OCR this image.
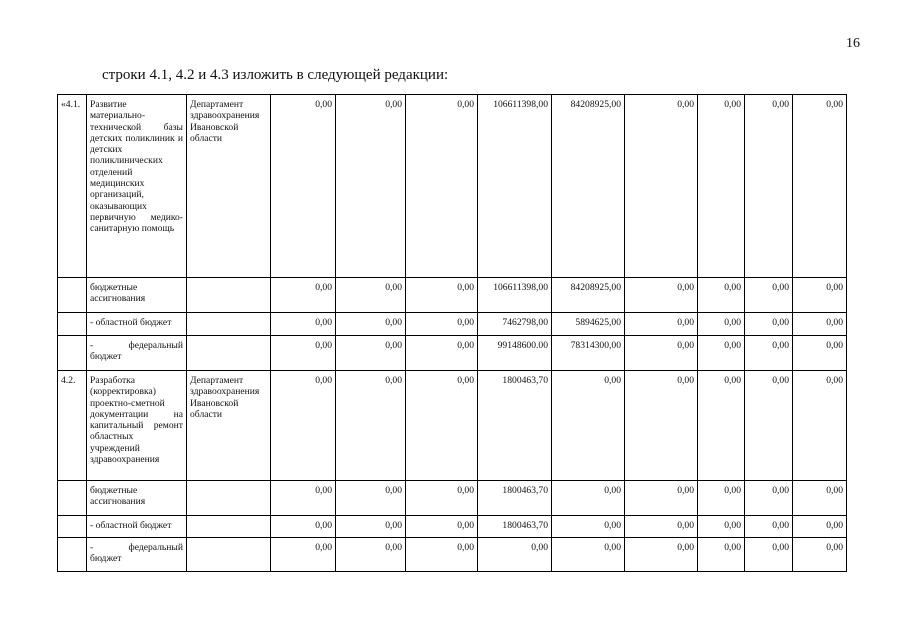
16
строки 4.1, 4.2 и 4.3 изложить в следующей редакции:
«4.1.	Развитие материально-технической базы детских поликлиник и детских поликлинических отделений медицинских организаций, оказывающих первичную медико-санитарную помощь	Департамент здравоохранения Ивановской области	0,00	0,00	0,00	106611398,00	84208925,00	0,00	0,00	0,00	0,00
	бюджетные ассигнования		0,00	0,00	0,00	106611398,00	84208925,00	0,00	0,00	0,00	0,00
	- областной бюджет		0,00	0,00	0,00	7462798,00	5894625,00	0,00	0,00	0,00	0,00
	- федеральный бюджет		0,00	0,00	0,00	99148600.00	78314300,00	0,00	0,00	0,00	0,00
4.2.	Разработка (корректировка) проектно-сметной документации на капитальный ремонт областных учреждений здравоохранения	Департамент здравоохранения Ивановской области	0,00	0,00	0,00	1800463,70	0,00	0,00	0,00	0,00	0,00
	бюджетные ассигнования		0,00	0,00	0,00	1800463,70	0,00	0,00	0,00	0,00	0,00
	- областной бюджет		0,00	0,00	0,00	1800463,70	0,00	0,00	0,00	0,00	0,00
	- федеральный бюджет		0,00	0,00	0,00	0,00	0,00	0,00	0,00	0,00	0,00
